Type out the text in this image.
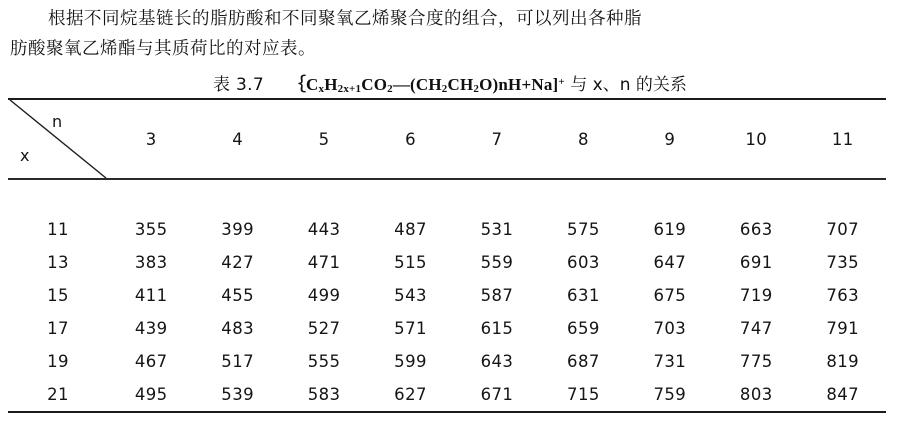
根据不同烷基链长的脂肪酸和不同聚氧乙烯聚合度的组合，可以列出各种脂
肪酸聚氧乙烯酯与其质荷比的对应表。
表 3.7 $\{C_xH_{2x+1}CO_2—(CH_2CH_2O)nH+Na]^+$ 与 x、n 的关系
n
x
	3	4	5	6	7	8	9	10	11

11	355	399	443	487	531	575	619	663	707
13	383	427	471	515	559	603	647	691	735
15	411	455	499	543	587	631	675	719	763
17	439	483	527	571	615	659	703	747	791
19	467	517	555	599	643	687	731	775	819
21	495	539	583	627	671	715	759	803	847
